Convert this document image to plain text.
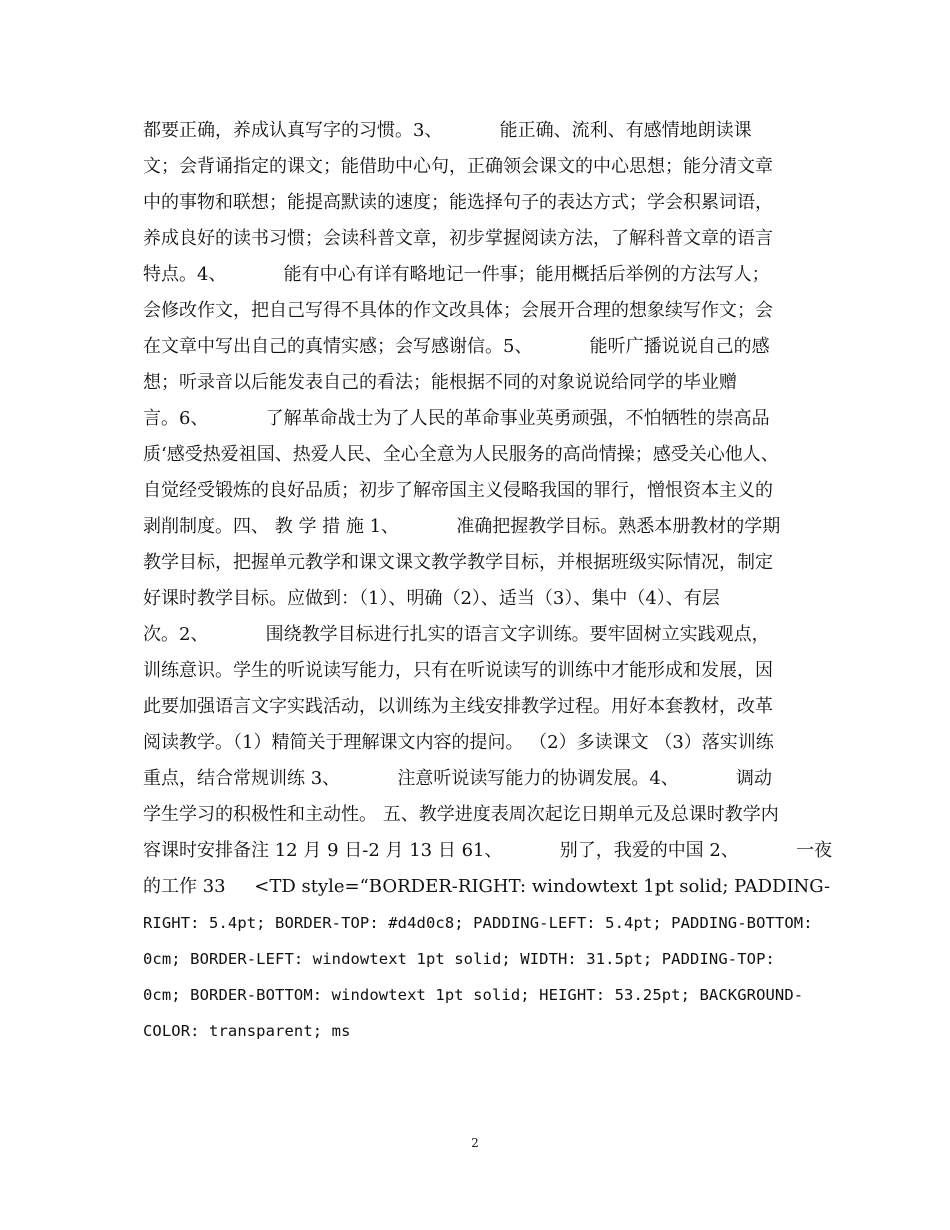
都要正确，养成认真写字的习惯。3、          能正确、流利、有感情地朗读课
文；会背诵指定的课文；能借助中心句，正确领会课文的中心思想；能分清文章
中的事物和联想；能提高默读的速度；能选择句子的表达方式；学会积累词语，
养成良好的读书习惯；会读科普文章，初步掌握阅读方法，了解科普文章的语言
特点。4、          能有中心有详有略地记一件事；能用概括后举例的方法写人；
会修改作文，把自己写得不具体的作文改具体；会展开合理的想象续写作文；会
在文章中写出自己的真情实感；会写感谢信。5、          能听广播说说自己的感
想；听录音以后能发表自己的看法；能根据不同的对象说说给同学的毕业赠
言。6、          了解革命战士为了人民的革命事业英勇顽强，不怕牺牲的崇高品
质‘感受热爱祖国、热爱人民、全心全意为人民服务的高尚情操；感受关心他人、
自觉经受锻炼的良好品质；初步了解帝国主义侵略我国的罪行，憎恨资本主义的
剥削制度。四、 教 学 措 施 1、          准确把握教学目标。熟悉本册教材的学期
教学目标，把握单元教学和课文课文教学教学目标，并根据班级实际情况，制定
好课时教学目标。应做到：（1）、明确（2）、适当（3）、集中（4）、有层
次。2、          围绕教学目标进行扎实的语言文字训练。要牢固树立实践观点，
训练意识。学生的听说读写能力，只有在听说读写的训练中才能形成和发展，因
此要加强语言文字实践活动，以训练为主线安排教学过程。用好本套教材，改革
阅读教学。（1）精简关于理解课文内容的提问。 （2）多读课文 （3）落实训练
重点，结合常规训练 3、          注意听说读写能力的协调发展。4、          调动
学生学习的积极性和主动性。 五、教学进度表周次起讫日期单元及总课时教学内
容课时安排备注 12 月 9 日-2 月 13 日 61、          别了，我爱的中国 2、          一夜
的工作 33     <TD style=“BORDER-RIGHT: windowtext 1pt solid; PADDING-
RIGHT: 5.4pt; BORDER-TOP: #d4d0c8; PADDING-LEFT: 5.4pt; PADDING-BOTTOM:
0cm; BORDER-LEFT: windowtext 1pt solid; WIDTH: 31.5pt; PADDING-TOP:
0cm; BORDER-BOTTOM: windowtext 1pt solid; HEIGHT: 53.25pt; BACKGROUND-
COLOR: transparent; ms
2
